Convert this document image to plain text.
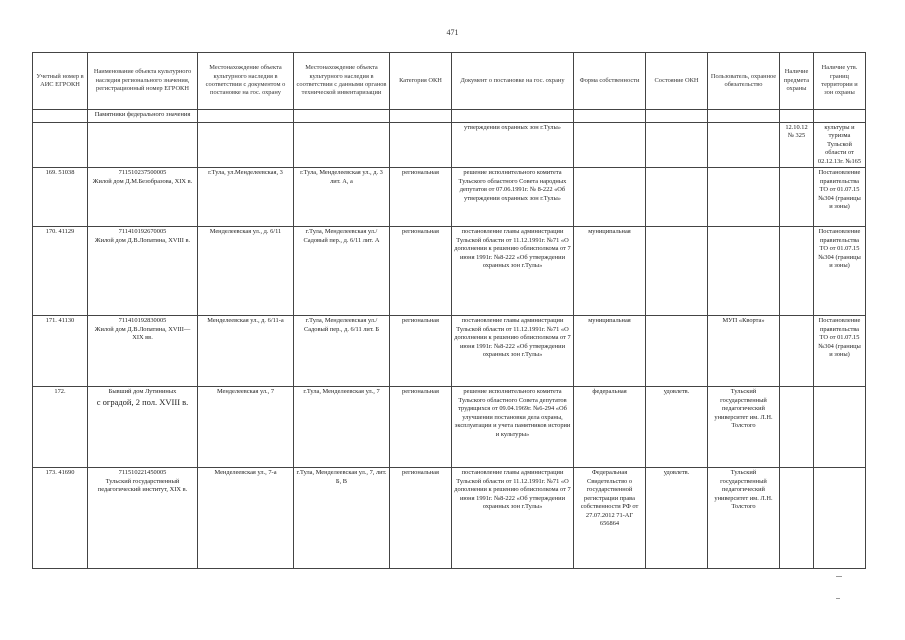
471
Учетный номер в АИС ЕГРОКН	Наименование объекта культурного наследия регионального значения, регистрационный номер ЕГРОКН	Местонахождение объекта культурного наследия в соответствии с документом о постановке на гос. охрану	Местонахождение объекта культурного наследия в соответствии с данными органов технической инвентаризации	Категория ОКН	Документ о постановке на гос. охрану	Форма собственности	Состояние ОКН	Пользователь, охранное обязательство	Наличие предмета охраны	Наличие утв. границ территории и зон охраны
	Памятники федерального значения									
					утверждении охранных зон г.Тулы»				12.10.12 № 325	культуры и туризма Тульской области от 02.12.13г. №165
169. 51038	711510237500005
Жилой дом Д.М.Безобразова, XIX в.	г.Тула, ул.Менделеевская, 3	г.Тула, Менделеевская ул., д. 3 лит. А, а	региональная	решение исполнительного комитета Тульского областного Совета народных депутатов от 07.06.1991г. № 8-222 «Об утверждении охранных зон г.Тулы»					Постановление правительства ТО от 01.07.15 №304 (границы и зоны)
170. 41129	711410192670005
Жилой дом Д.В.Лопатина, XVIII в.	Менделеевская ул., д. 6/11	г.Тула, Менделеевская ул./Садовый пер., д. 6/11 лит. А	региональная	постановление главы администрации Тульской области от 11.12.1991г. №71 «О дополнении к решению облисполкома от 7 июня 1991г. №8-222 «Об утверждении охранных зон г.Тулы»	муниципальная				Постановление правительства ТО от 01.07.15 №304 (границы и зоны)
171. 41130	711410192830005
Жилой дом Д.В.Лопатина, XVIII—XIX вв.	Менделеевская ул., д. 6/11-а	г.Тула, Менделеевская ул./ Садовый пер., д. 6/11 лит. Б	региональная	постановление главы администрации Тульской области от 11.12.1991г. №71 «О дополнении к решению облисполкома от 7 июня 1991г. №8-222 «Об утверждении охранных зон г.Тулы»	муниципальная		МУП «Кворта»		Постановление правительства ТО от 01.07.15 №304 (границы и зоны)
172.	Бывший дом Лутининых
с оградой, 2 пол. XVIII в.	Менделеевская ул., 7	г.Тула, Менделеевская ул., 7	региональная	решение исполнительного комитета Тульского областного Совета депутатов трудящихся от 09.04.1969г. №6-294 «Об улучшении постановки дела охраны, эксплуатации и учета памятников истории и культуры»	федеральная	удовлетв.	Тульский государственный педагогический университет им. Л.Н. Толстого		
173. 41690	711510221450005
Тульский государственный педагогический институт, XIX в.	Менделеевская ул., 7-а	г.Тула, Менделеевская ул., 7, лит. Б, В	региональная	постановление главы администрации Тульской области от 11.12.1991г. №71 «О дополнении к решению облисполкома от 7 июня 1991г. №8-222 «Об утверждении охранных зон г.Тулы»	Федеральная Свидетельство о государственной регистрации права собственности РФ от 27.07.2012 71-АГ 656864	удовлетв.	Тульский государственный педагогический университет им. Л.Н. Толстого		
